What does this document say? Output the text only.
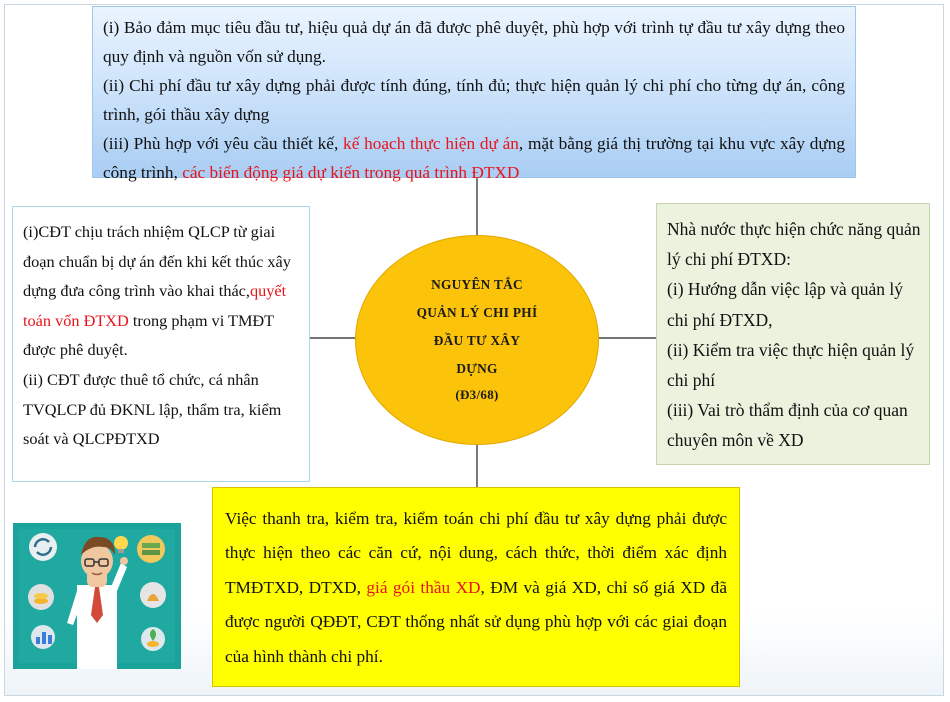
(i) Bảo đảm mục tiêu đầu tư, hiệu quả dự án đã được phê duyệt, phù hợp với trình tự đầu tư xây dựng theo quy định và nguồn vốn sử dụng.

(ii) Chi phí đầu tư xây dựng phải được tính đúng, tính đủ; thực hiện quản lý chi phí cho từng dự án, công trình, gói thầu xây dựng

(iii) Phù hợp với yêu cầu thiết kế, kế hoạch thực hiện dự án, mặt bằng giá thị trường tại khu vực xây dựng công trình, các biến động giá dự kiến trong quá trình ĐTXD

(i)CĐT chịu trách nhiệm QLCP từ giai đoạn chuẩn bị dự án đến khi kết thúc xây dựng đưa công trình vào khai thác,quyết toán vốn ĐTXD trong phạm vi TMĐT được phê duyệt.

(ii) CĐT được thuê tổ chức, cá nhân TVQLCP đủ ĐKNL lập, thẩm tra, kiểm soát và QLCPĐTXD

Nhà nước thực hiện chức năng quản lý chi phí ĐTXD:

(i) Hướng dẫn việc lập và quản lý chi phí ĐTXD,

(ii) Kiểm tra việc thực hiện quản lý chi phí

(iii) Vai trò thẩm định của cơ quan chuyên môn về XD

Việc thanh tra, kiểm tra, kiểm toán chi phí đầu tư xây dựng phải được thực hiện theo các căn cứ, nội dung, cách thức, thời điểm xác định TMĐTXD, DTXD, giá gói thầu XD, ĐM và giá XD, chỉ số giá XD đã được người QĐĐT, CĐT thống nhất sử dụng phù hợp với các giai đoạn của hình thành chi phí.

NGUYÊN TẮC
QUẢN LÝ CHI PHÍ
ĐẦU TƯ XÂY
DỰNG
(Đ3/68)
